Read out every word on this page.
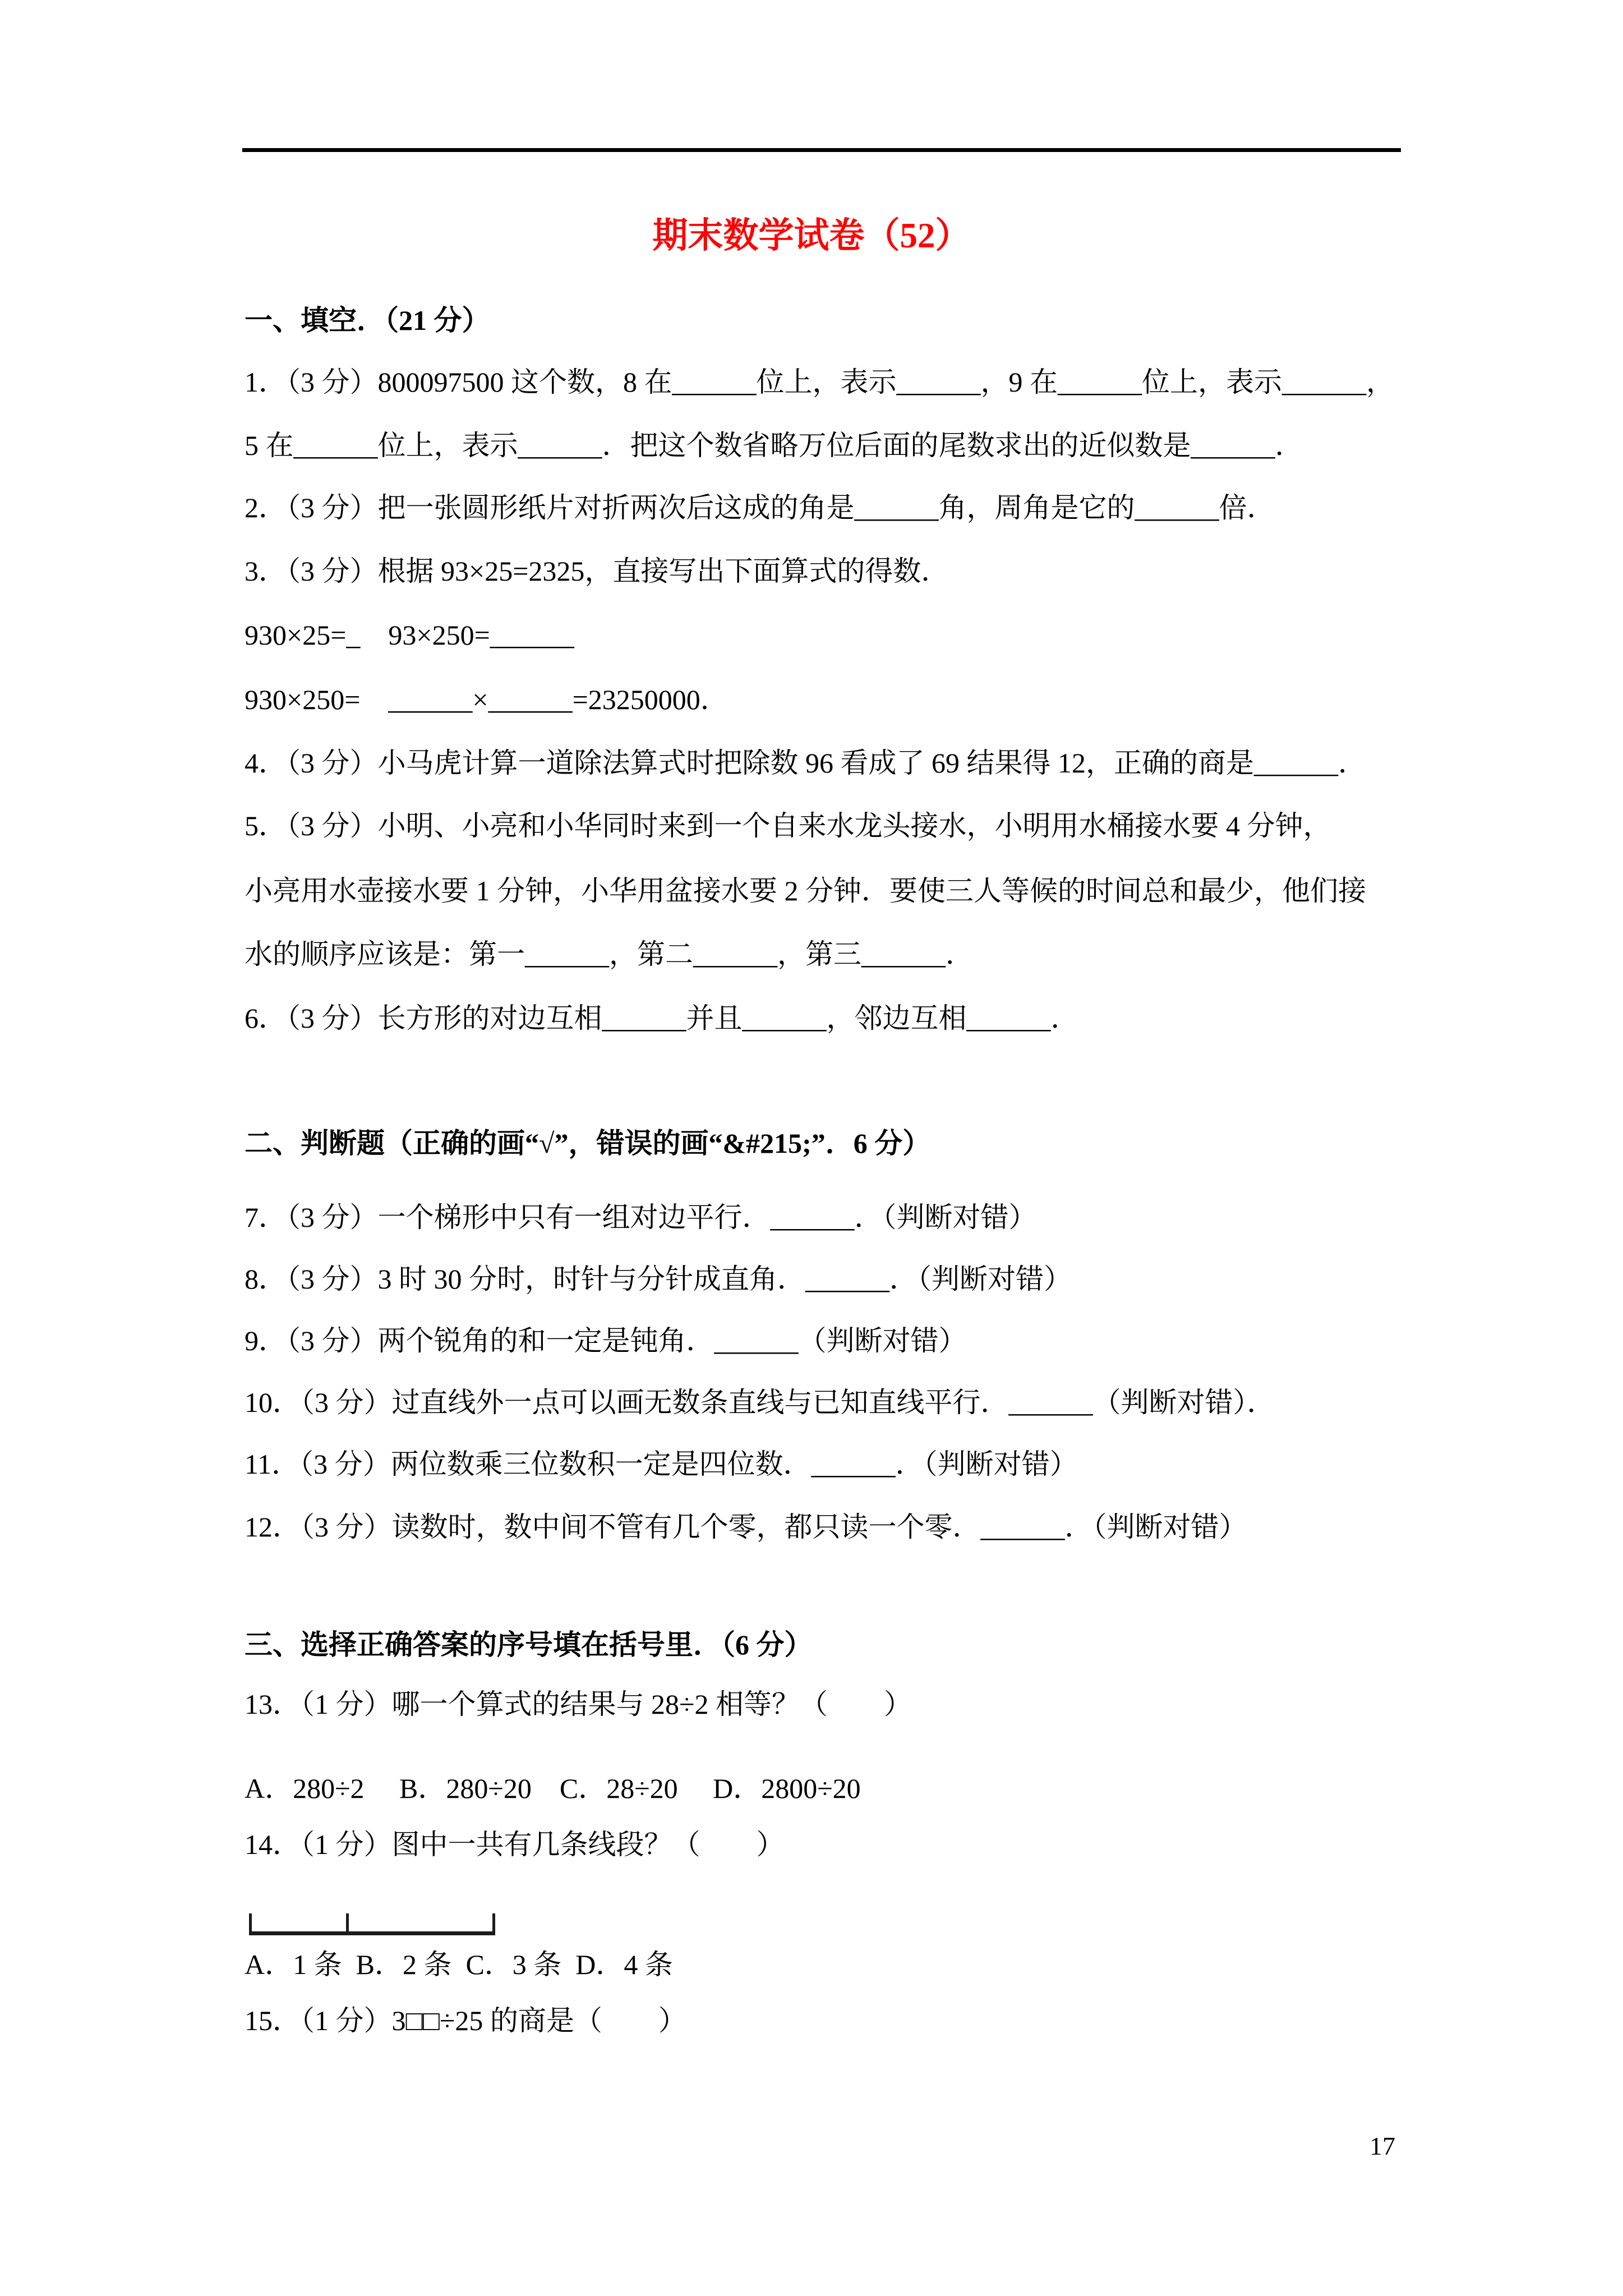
期末数学试卷（52）
一、填空．（21 分）
1．（3 分）800097500 这个数，8 在______位上，表示______，9 在______位上，表示______，
5 在______位上，表示______．把这个数省略万位后面的尾数求出的近似数是______．
2．（3 分）把一张圆形纸片对折两次后这成的角是______角，周角是它的______倍．
3．（3 分）根据 93×25=2325，直接写出下面算式的得数．
930×25=_　93×250=______
930×250=　______×______=23250000．
4．（3 分）小马虎计算一道除法算式时把除数 96 看成了 69 结果得 12，正确的商是______．
5．（3 分）小明、小亮和小华同时来到一个自来水龙头接水，小明用水桶接水要 4 分钟，
小亮用水壶接水要 1 分钟，小华用盆接水要 2 分钟．要使三人等候的时间总和最少，他们接
水的顺序应该是：第一______，第二______，第三______．
6．（3 分）长方形的对边互相______并且______，邻边互相______．
二、判断题（正确的画“√”，错误的画“&#215;”．6 分）
7．（3 分）一个梯形中只有一组对边平行．______．（判断对错）
8．（3 分）3 时 30 分时，时针与分针成直角．______．（判断对错）
9．（3 分）两个锐角的和一定是钝角．______（判断对错）
10．（3 分）过直线外一点可以画无数条直线与已知直线平行．______（判断对错）．
11．（3 分）两位数乘三位数积一定是四位数．______．（判断对错）
12．（3 分）读数时，数中间不管有几个零，都只读一个零．______．（判断对错）
三、选择正确答案的序号填在括号里．（6 分）
13．（1 分）哪一个算式的结果与 28÷2 相等？（　　）
A．280÷2　 B．280÷20　C．28÷20　 D．2800÷20
14．（1 分）图中一共有几条线段？（　　）
A．1 条  B．2 条  C．3 条  D．4 条
15．（1 分）3□□÷25 的商是（　　）
17
